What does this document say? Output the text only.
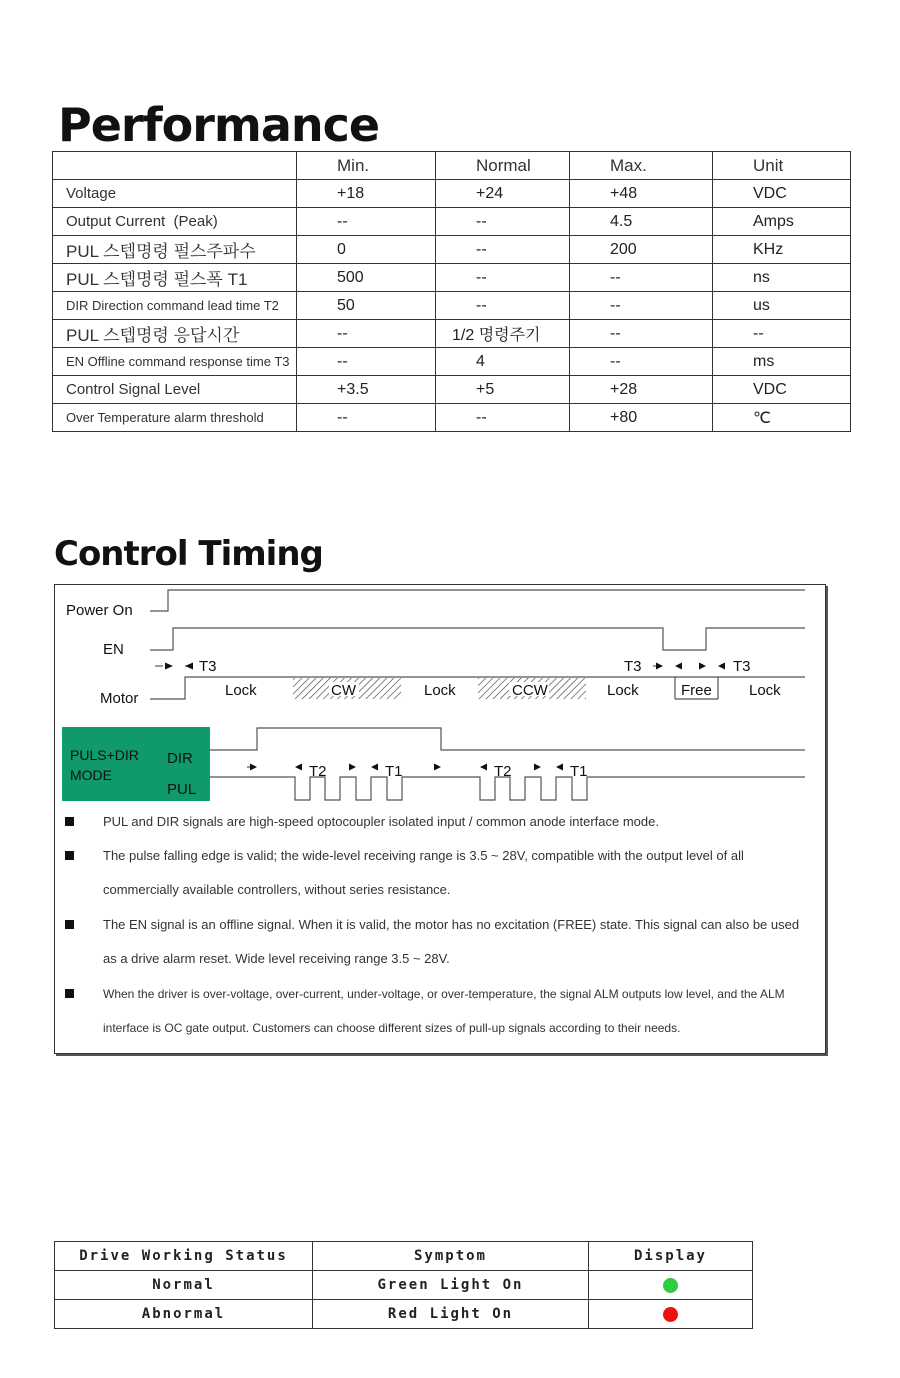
Performance
	Min.	Normal	Max.	Unit
Voltage	+18	+24	+48	VDC
Output Current  (Peak)	--	--	4.5	Amps
PUL 스텝명령 펄스주파수	0	--	200	KHz
PUL 스텝명령 펄스폭 T1	500	--	--	ns
DIR Direction command lead time T2	50	--	--	us
PUL 스텝명령 응답시간	--	1/2 명령주기	--	--
EN Offline command response time T3	--	4	--	ms
Control Signal Level	+3.5	+5	+28	VDC
Over Temperature alarm threshold	--	--	+80	℃
Control Timing
Power On
EN
T3	T3	T3
Motor	Lock	CW	Lock	CCW	Lock	Free Lock
PULS+DIR
MODE
DIR
PUL
T2	T1	T2	T1
PUL and DIR signals are high-speed optocoupler isolated input / common anode interface mode.
The pulse falling edge is valid; the wide-level receiving range is 3.5 ~ 28V, compatible with the output level of all commercially available controllers, without series resistance.
The EN signal is an offline signal. When it is valid, the motor has no excitation (FREE) state. This signal can also be used as a drive alarm reset. Wide level receiving range 3.5 ~ 28V.
When the driver is over-voltage, over-current, under-voltage, or over-temperature, the signal ALM outputs low level, and the ALM interface is OC gate output. Customers can choose different sizes of pull-up signals according to their needs.
Drive Working Status	Symptom	Display
Normal	Green Light On	
Abnormal	Red Light On	
